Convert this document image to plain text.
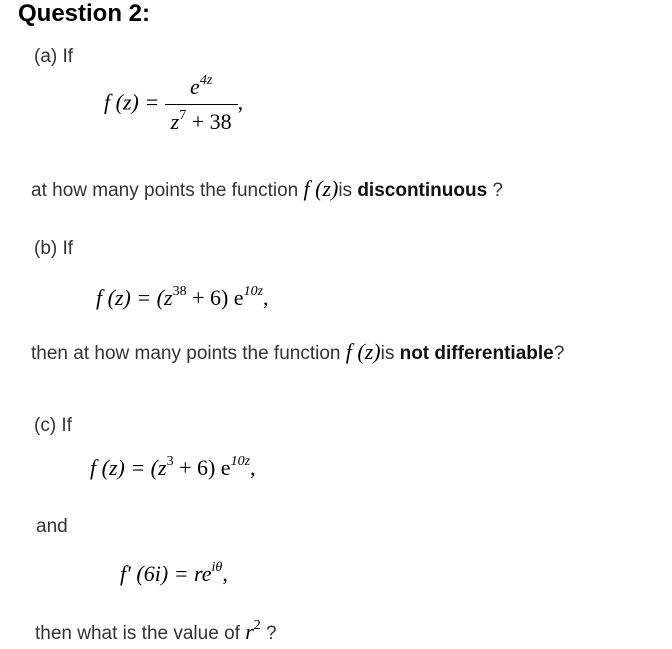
Question 2:
(a) If
f $(z) = \frac{e^{4z}}{z^7 + 38}$ ,
at how many points the function f (z)is discontinuous ?
(b) If
f $(z) = (z^{38} + 6)$ $e^{10z}$,
then at how many points the function f (z)is not differentiable?
(c) If
f $(z) = (z^3 + 6)$ $e^{10z}$,
and
f′ $(6i) = re^{i\theta}$,
then what is the value of $r^2$ ?
